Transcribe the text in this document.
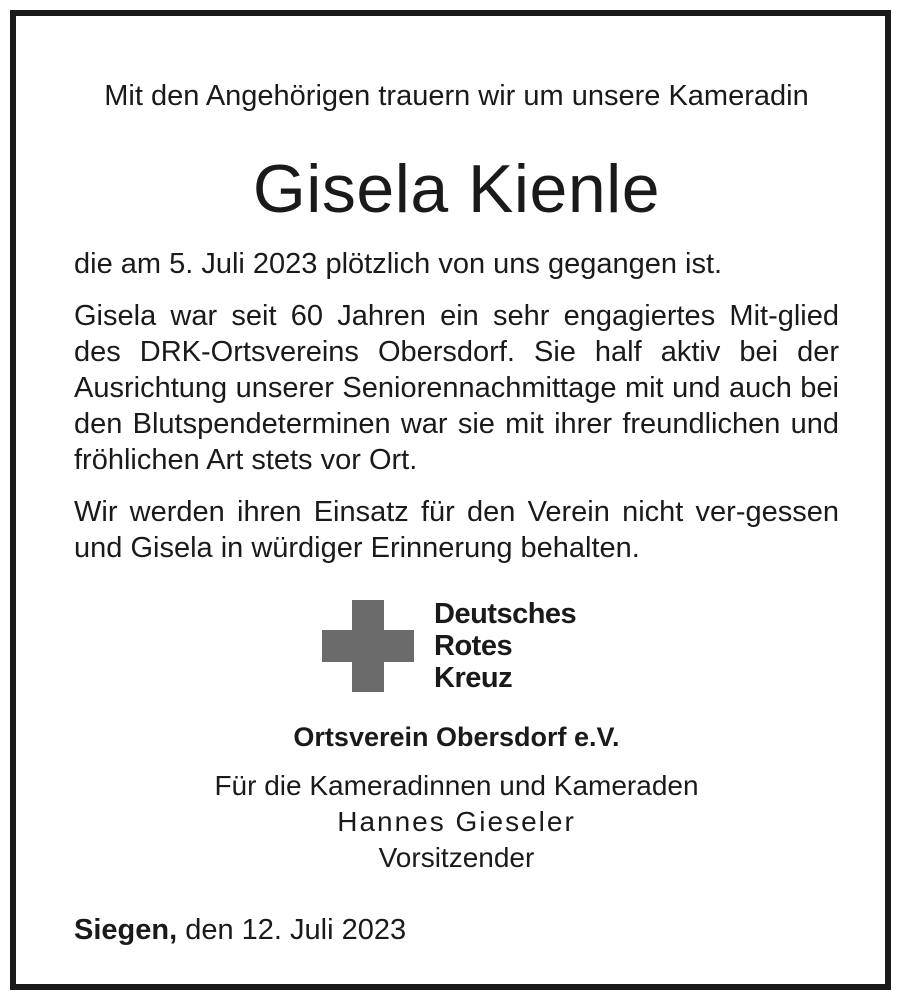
Mit den Angehörigen trauern wir um unsere Kameradin
Gisela Kienle
die am 5. Juli 2023 plötzlich von uns gegangen ist.
Gisela war seit 60 Jahren ein sehr engagiertes Mit-glied des DRK-Ortsvereins Obersdorf. Sie half aktiv bei der Ausrichtung unserer Seniorennachmittage mit und auch bei den Blutspendeterminen war sie mit ihrer freundlichen und fröhlichen Art stets vor Ort.
Wir werden ihren Einsatz für den Verein nicht ver-gessen und Gisela in würdiger Erinnerung behalten.
Deutsches
Rotes
Kreuz
Ortsverein Obersdorf e.V.
Für die Kameradinnen und Kameraden
Hannes Gieseler
Vorsitzender
Siegen, den 12. Juli 2023
